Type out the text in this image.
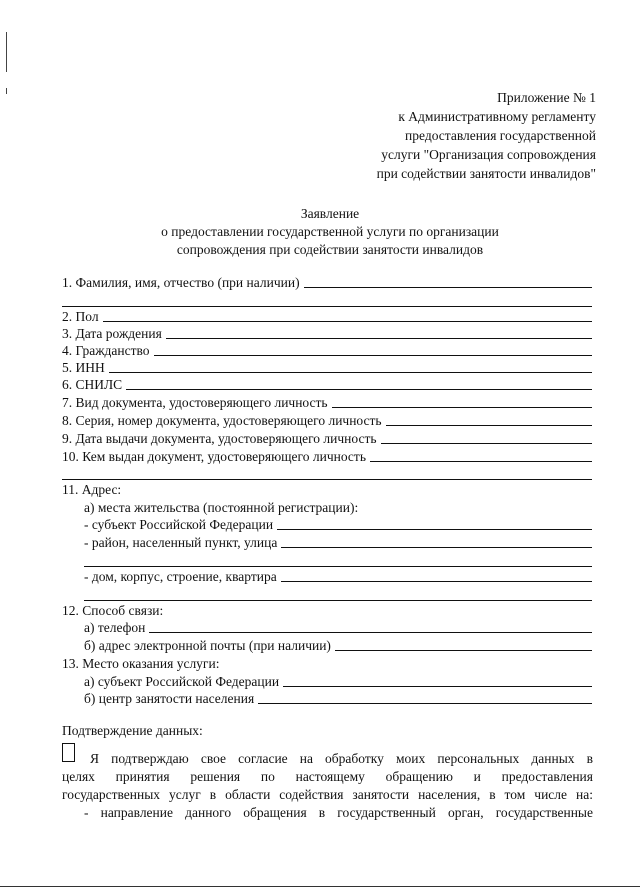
Приложение № 1
к Административному регламенту
предоставления государственной
услуги "Организация сопровождения
при содействии занятости инвалидов"
Заявление
о предоставлении государственной услуги по организации
сопровождения при содействии занятости инвалидов
1. Фамилия, имя, отчество (при наличии)
2. Пол
3. Дата рождения
4. Гражданство
5. ИНН
6. СНИЛС
7. Вид документа, удостоверяющего личность
8. Серия, номер документа, удостоверяющего личность
9. Дата выдачи документа, удостоверяющего личность
10. Кем выдан документ, удостоверяющего личность
11. Адрес:
а) места жительства (постоянной регистрации):
- субъект Российской Федерации
- район, населенный пункт, улица
- дом, корпус, строение, квартира
12. Способ связи:
а) телефон
б) адрес электронной почты (при наличии)
13. Место оказания услуги:
а) субъект Российской Федерации
б) центр занятости населения
Подтверждение данных:
Я подтверждаю свое согласие на обработку моих персональных данных в
целях принятия решения по настоящему обращению и предоставления
государственных услуг в области содействия занятости населения, в том числе на:
- направление данного обращения в государственный орган, государственные
